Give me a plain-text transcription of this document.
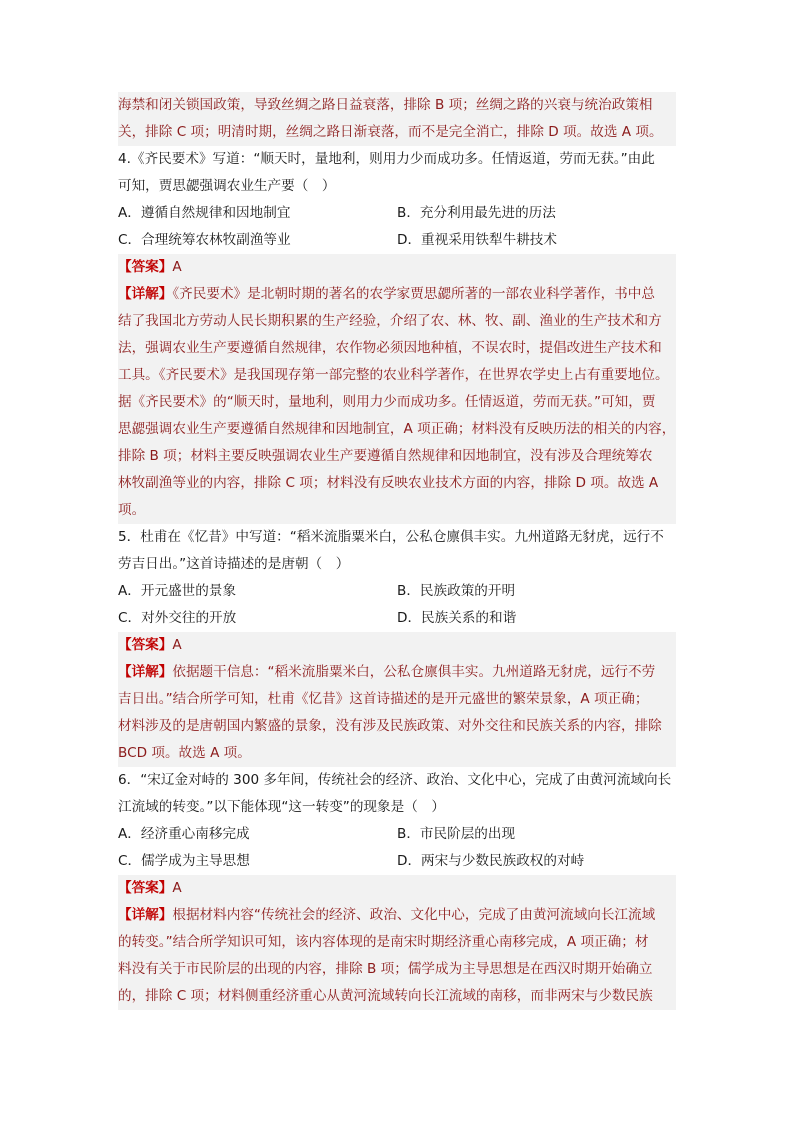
海禁和闭关锁国政策，导致丝绸之路日益衰落，排除 B 项；丝绸之路的兴衰与统治政策相
关，排除 C 项；明清时期，丝绸之路日渐衰落，而不是完全消亡，排除 D 项。故选 A 项。
4.《齐民要术》写道：“顺天时，量地利，则用力少而成功多。任情返道，劳而无获。”由此
可知，贾思勰强调农业生产要（　）
A．遵循自然规律和因地制宜	B．充分利用最先进的历法
C．合理统筹农林牧副渔等业	D．重视采用铁犁牛耕技术
【答案】A
【详解】《齐民要术》是北朝时期的著名的农学家贾思勰所著的一部农业科学著作，书中总
结了我国北方劳动人民长期积累的生产经验，介绍了农、林、牧、副、渔业的生产技术和方
法，强调农业生产要遵循自然规律，农作物必须因地种植，不误农时，提倡改进生产技术和
工具。《齐民要术》是我国现存第一部完整的农业科学著作，在世界农学史上占有重要地位。
据《齐民要术》的“顺天时，量地利，则用力少而成功多。任情返道，劳而无获。”可知，贾
思勰强调农业生产要遵循自然规律和因地制宜，A 项正确；材料没有反映历法的相关的内容，
排除 B 项；材料主要反映强调农业生产要遵循自然规律和因地制宜，没有涉及合理统筹农
林牧副渔等业的内容，排除 C 项；材料没有反映农业技术方面的内容，排除 D 项。故选 A
项。
5．杜甫在《忆昔》中写道：“稻米流脂粟米白，公私仓廪俱丰实。九州道路无豺虎，远行不
劳吉日出。”这首诗描述的是唐朝（　）
A．开元盛世的景象	B．民族政策的开明
C．对外交往的开放	D．民族关系的和谐
【答案】A
【详解】依据题干信息：“稻米流脂粟米白，公私仓廪俱丰实。九州道路无豺虎，远行不劳
吉日出。”结合所学可知，杜甫《忆昔》这首诗描述的是开元盛世的繁荣景象，A 项正确；
材料涉及的是唐朝国内繁盛的景象，没有涉及民族政策、对外交往和民族关系的内容，排除
BCD 项。故选 A 项。
6．“宋辽金对峙的 300 多年间，传统社会的经济、政治、文化中心，完成了由黄河流域向长
江流域的转变。”以下能体现“这一转变”的现象是（　）
A．经济重心南移完成	B．市民阶层的出现
C．儒学成为主导思想	D．两宋与少数民族政权的对峙
【答案】A
【详解】根据材料内容“传统社会的经济、政治、文化中心，完成了由黄河流域向长江流域
的转变。”结合所学知识可知，该内容体现的是南宋时期经济重心南移完成，A 项正确；材
料没有关于市民阶层的出现的内容，排除 B 项；儒学成为主导思想是在西汉时期开始确立
的，排除 C 项；材料侧重经济重心从黄河流域转向长江流域的南移，而非两宋与少数民族
